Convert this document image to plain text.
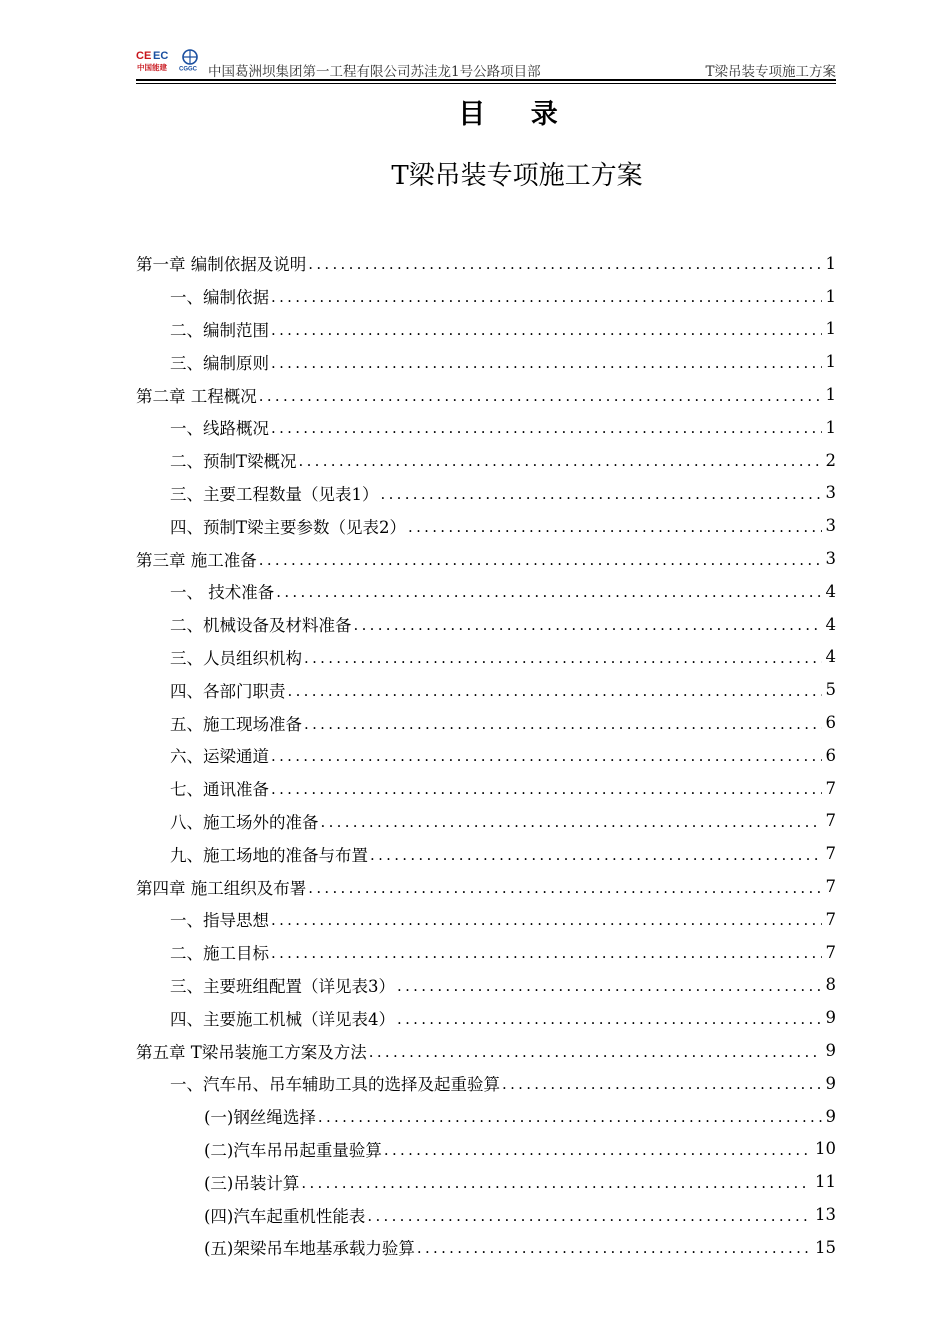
CE EC
中国能建 CGGC 中国葛洲坝集团第一工程有限公司苏洼龙1号公路项目部	T梁吊装专项施工方案
目 录
T梁吊装专项施工方案
第一章 编制依据及说明 .....	1
一、编制依据 .....	1
二、编制范围 .....	1
三、编制原则 .....	1
第二章 工程概况 .....	1
一、线路概况 .....	1
二、预制T梁概况 .....	2
三、主要工程数量（见表1） .....	3
四、预制T梁主要参数（见表2） .....	3
第三章 施工准备 .....	3
一、 技术准备 .....	4
二、机械设备及材料准备 .....	4
三、人员组织机构 .....	4
四、各部门职责 .....	5
五、施工现场准备 .....	6
六、运梁通道 .....	6
七、通讯准备 .....	7
八、施工场外的准备 .....	7
九、施工场地的准备与布置 .....	7
第四章 施工组织及布署 .....	7
一、指导思想 .....	7
二、施工目标 .....	7
三、主要班组配置（详见表3） .....	8
四、主要施工机械（详见表4） .....	9
第五章 T梁吊装施工方案及方法 .....	9
一、汽车吊、吊车辅助工具的选择及起重验算 .....	9
(一)钢丝绳选择 .....	9
(二)汽车吊吊起重量验算 .....	10
(三)吊装计算 .....	11
(四)汽车起重机性能表 .....	13
(五)架梁吊车地基承载力验算 .....	15
